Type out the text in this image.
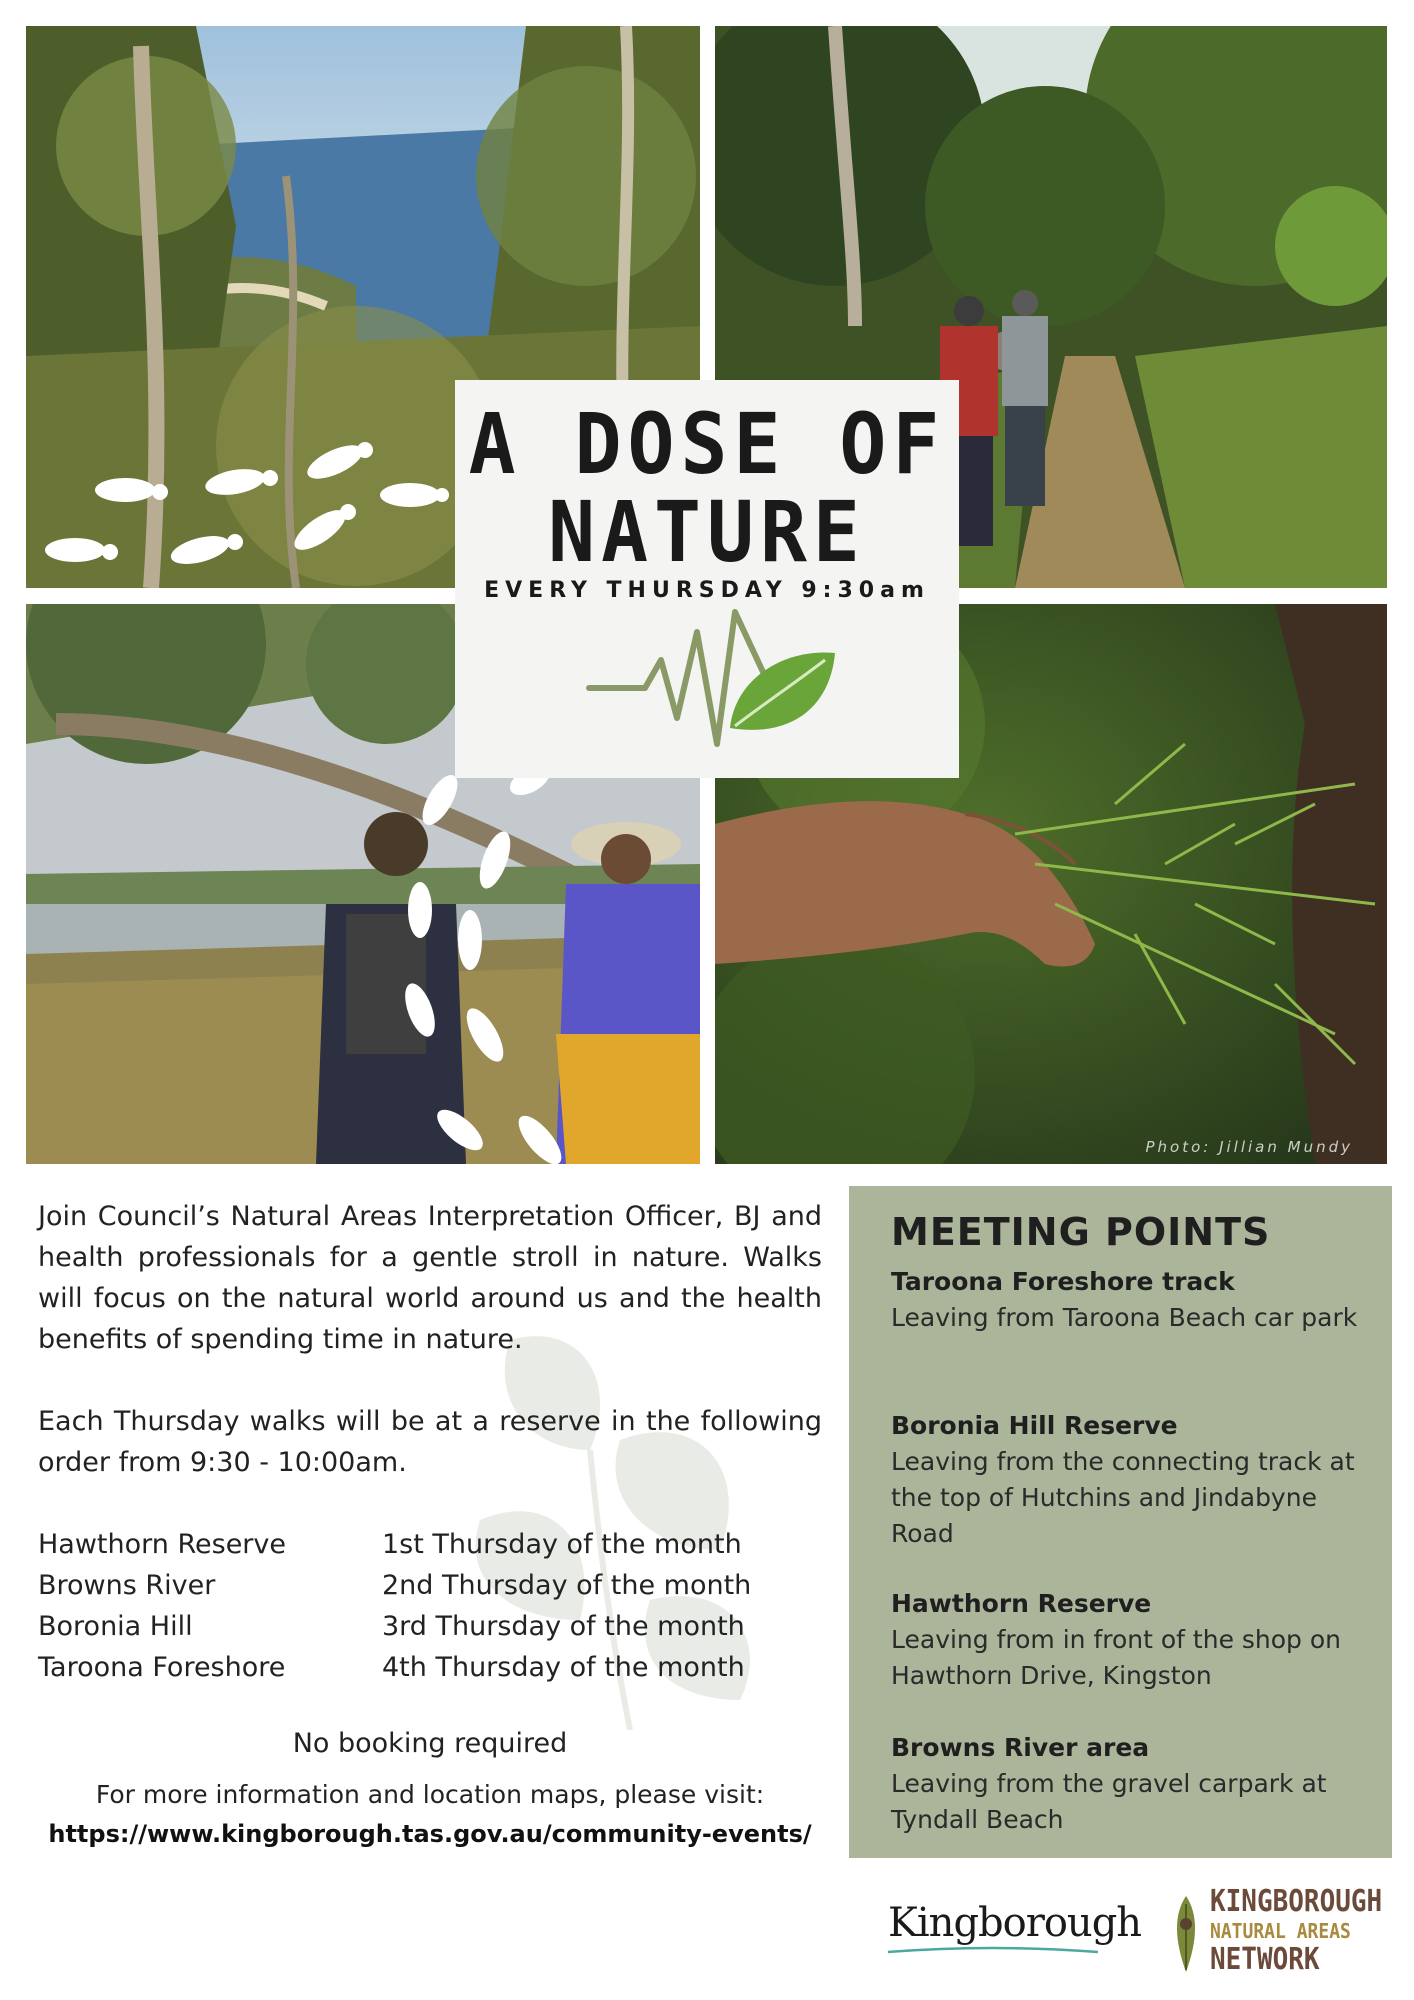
Photo: Jillian Mundy
A DOSE OF
NATURE
EVERY THURSDAY 9:30am

Join Council’s Natural Areas Interpretation Officer, BJ and health professionals for a gentle stroll in nature. Walks will focus on the natural world around us and the health benefits of spending time in nature.

Each Thursday walks will be at a reserve in the following order from 9:30 - 10:00am.

Hawthorn Reserve	1st Thursday of the month
Browns River	2nd Thursday of the month
Boronia Hill	3rd Thursday of the month
Taroona Foreshore	4th Thursday of the month
No booking required
For more information and location maps, please visit:
https://www.kingborough.tas.gov.au/community-events/
MEETING POINTS
Taroona Foreshore track
Leaving from Taroona Beach car park
Boronia Hill Reserve
Leaving from the connecting track at the top of Hutchins and Jindabyne Road
Hawthorn Reserve
Leaving from in front of the shop on Hawthorn Drive, Kingston
Browns River area
Leaving from the gravel carpark at Tyndall Beach
Kingborough	KINGBOROUGH
NATURAL AREAS
NETWORK
